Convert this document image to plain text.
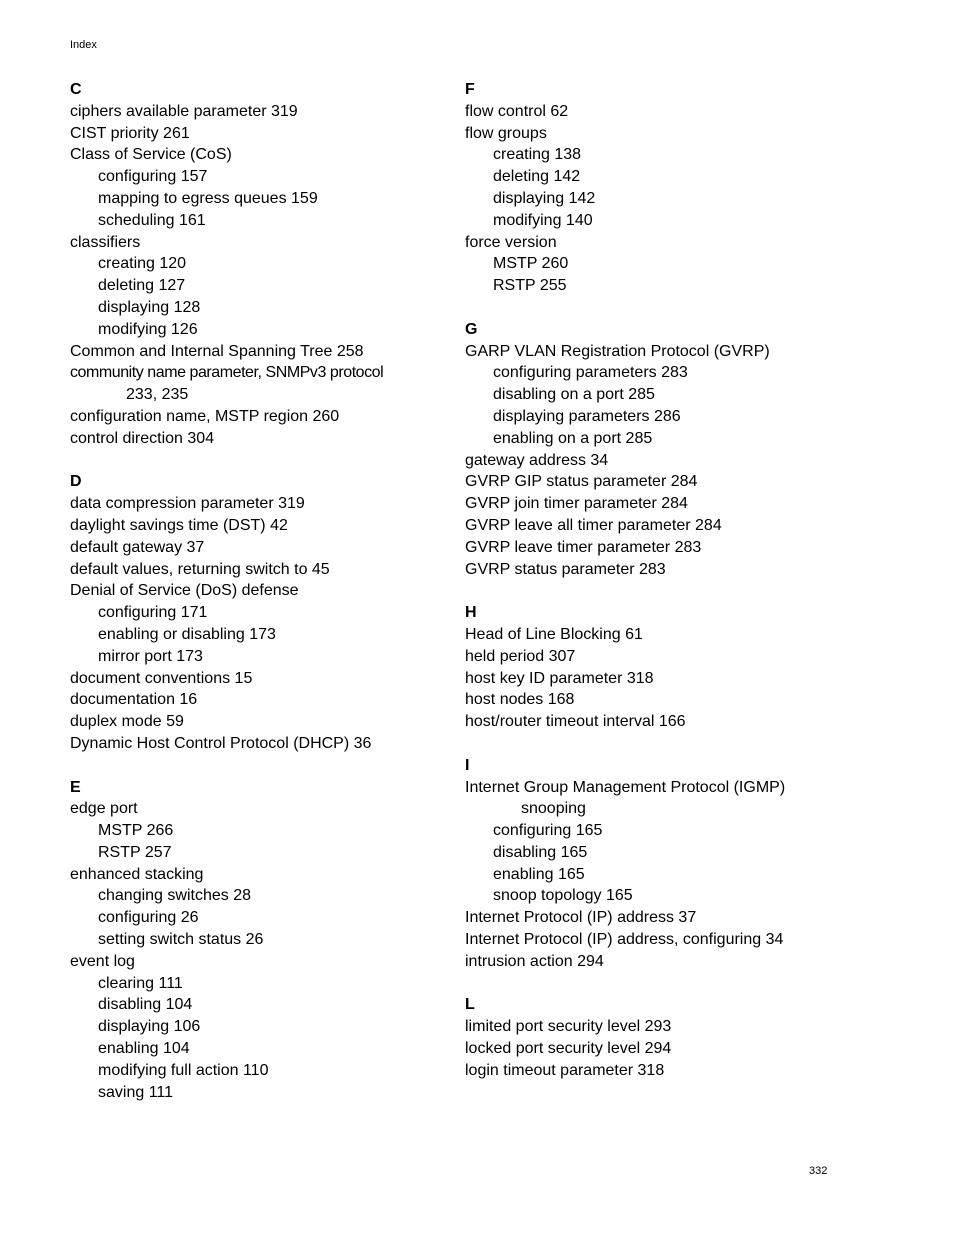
Index
C
ciphers available parameter 319
CIST priority 261
Class of Service (CoS)
configuring 157
mapping to egress queues 159
scheduling 161
classifiers
creating 120
deleting 127
displaying 128
modifying 126
Common and Internal Spanning Tree 258
community name parameter, SNMPv3 protocol
233, 235
configuration name, MSTP region 260
control direction 304
D
data compression parameter 319
daylight savings time (DST) 42
default gateway 37
default values, returning switch to 45
Denial of Service (DoS) defense
configuring 171
enabling or disabling 173
mirror port 173
document conventions 15
documentation 16
duplex mode 59
Dynamic Host Control Protocol (DHCP) 36
E
edge port
MSTP 266
RSTP 257
enhanced stacking
changing switches 28
configuring 26
setting switch status 26
event log
clearing 111
disabling 104
displaying 106
enabling 104
modifying full action 110
saving 111
F
flow control 62
flow groups
creating 138
deleting 142
displaying 142
modifying 140
force version
MSTP 260
RSTP 255
G
GARP VLAN Registration Protocol (GVRP)
configuring parameters 283
disabling on a port 285
displaying parameters 286
enabling on a port 285
gateway address 34
GVRP GIP status parameter 284
GVRP join timer parameter 284
GVRP leave all timer parameter 284
GVRP leave timer parameter 283
GVRP status parameter 283
H
Head of Line Blocking 61
held period 307
host key ID parameter 318
host nodes 168
host/router timeout interval 166
I
Internet Group Management Protocol (IGMP)
snooping
configuring 165
disabling 165
enabling 165
snoop topology 165
Internet Protocol (IP) address 37
Internet Protocol (IP) address, configuring 34
intrusion action 294
L
limited port security level 293
locked port security level 294
login timeout parameter 318
332
